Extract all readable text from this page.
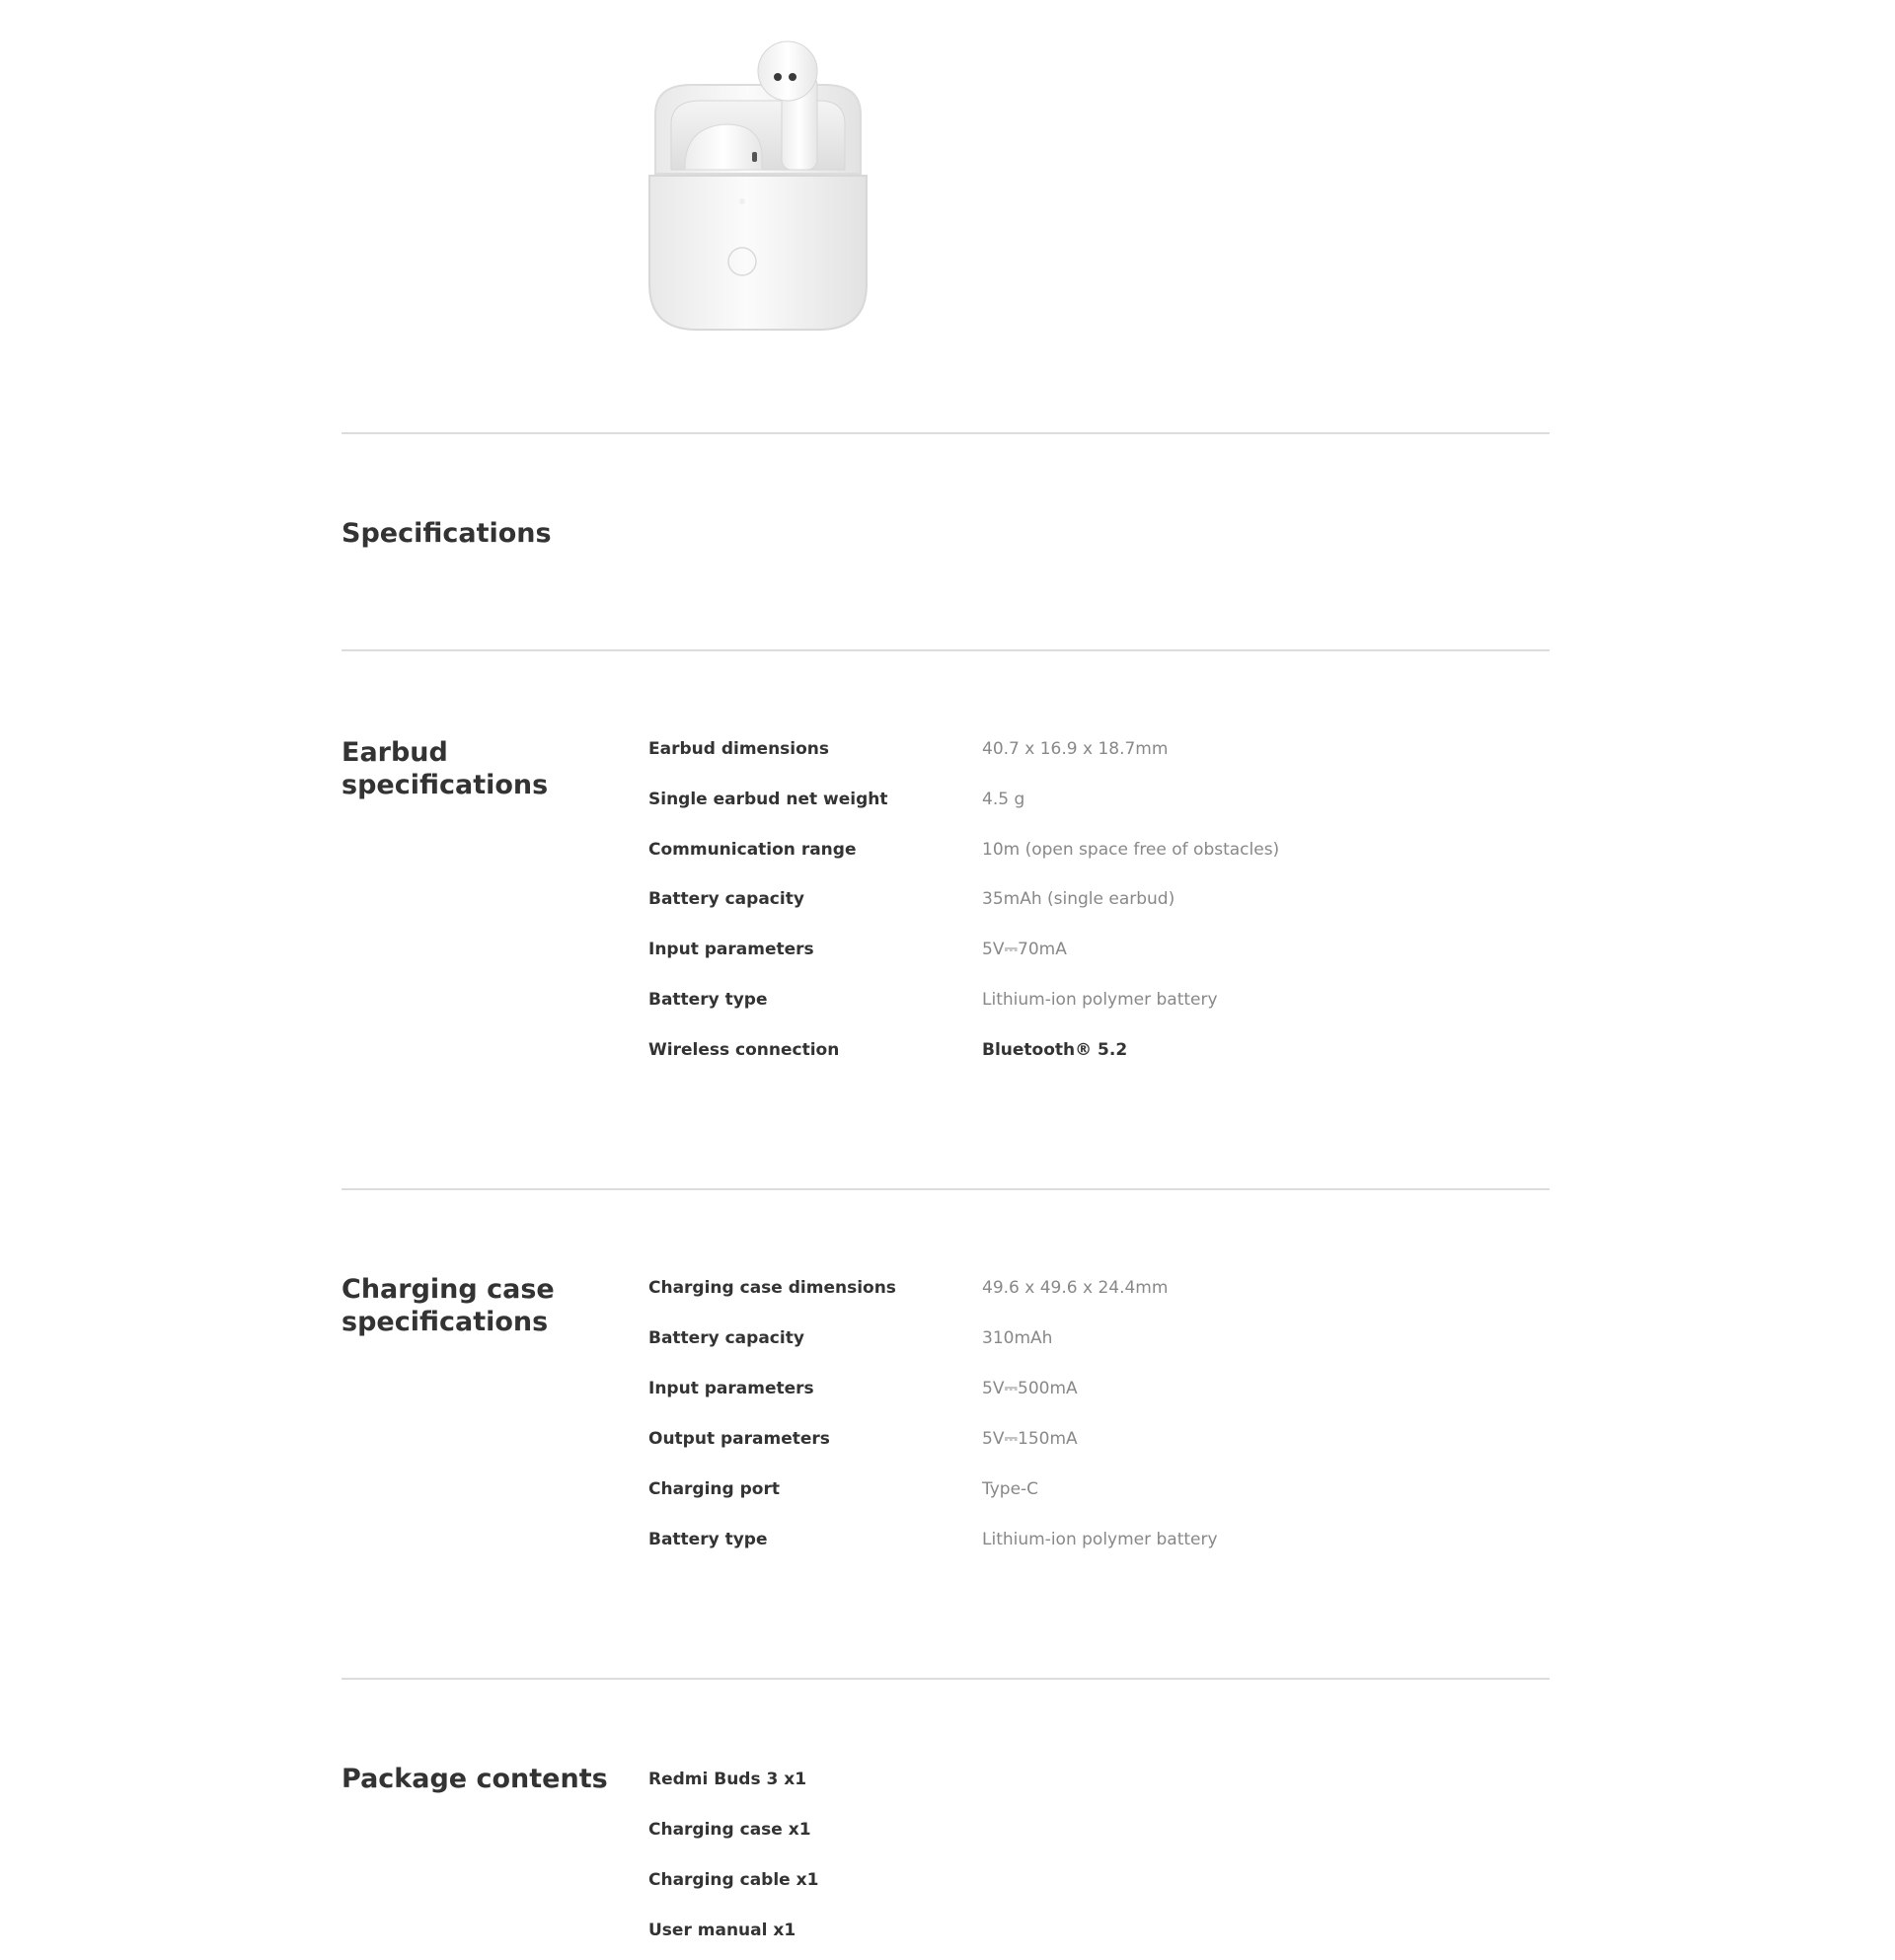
Specifications
Earbud specifications
Earbud dimensions	40.7 x 16.9 x 18.7mm
Single earbud net weight	4.5 g
Communication range	10m (open space free of obstacles)
Battery capacity	35mAh (single earbud)
Input parameters	5V⎓70mA
Battery type	Lithium-ion polymer battery
Wireless connection	Bluetooth® 5.2
Charging case
specifications
Charging case dimensions	49.6 x 49.6 x 24.4mm
Battery capacity	310mAh
Input parameters	5V⎓500mA
Output parameters	5V⎓150mA
Charging port	Type-C
Battery type	Lithium-ion polymer battery
Package contents	Redmi Buds 3 x1
Charging case x1
Charging cable x1
User manual x1
